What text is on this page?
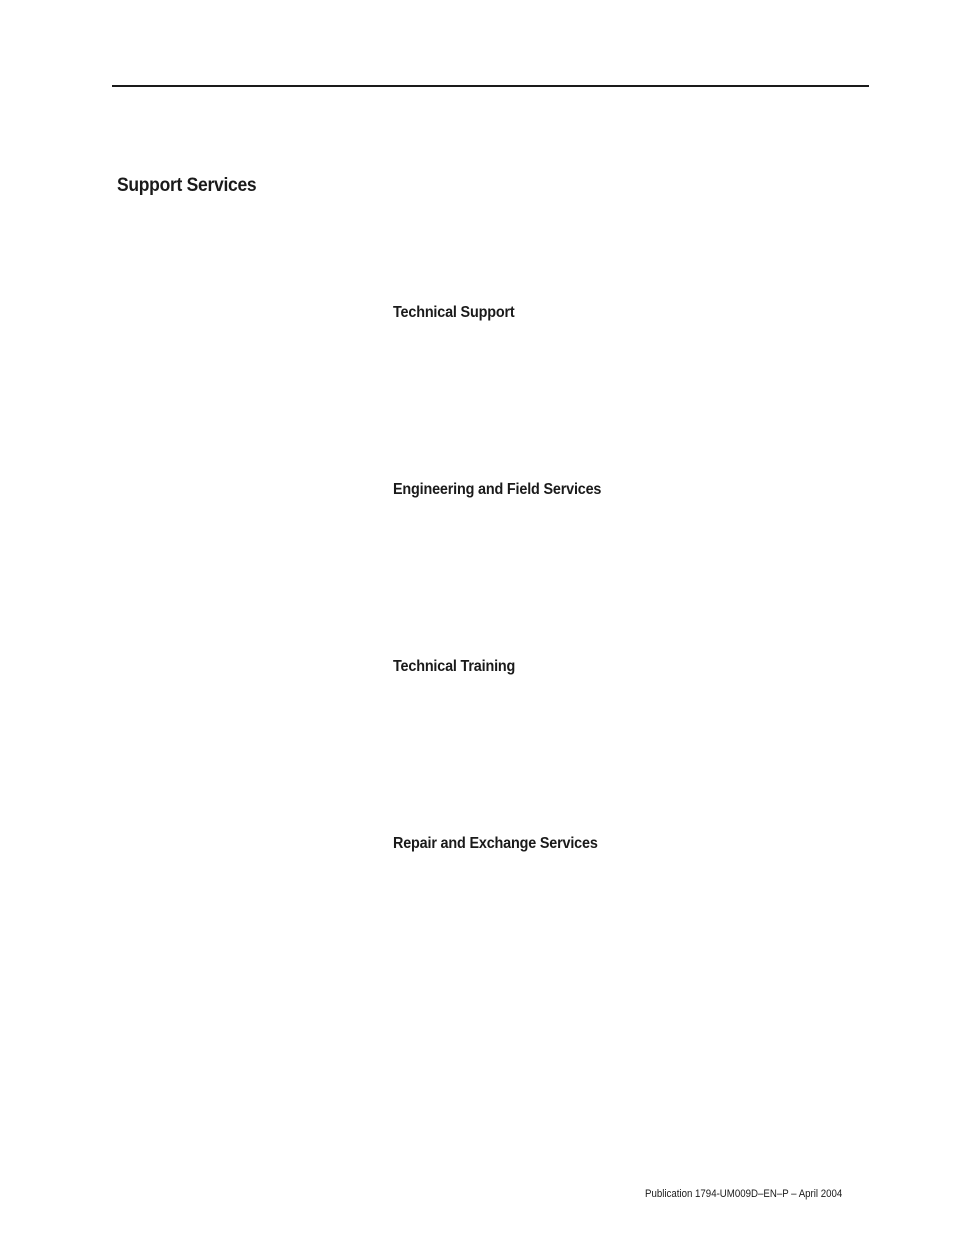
Support Services
Technical Support
Engineering and Field Services
Technical Training
Repair and Exchange Services
Publication 1794-UM009D–EN–P – April 2004
